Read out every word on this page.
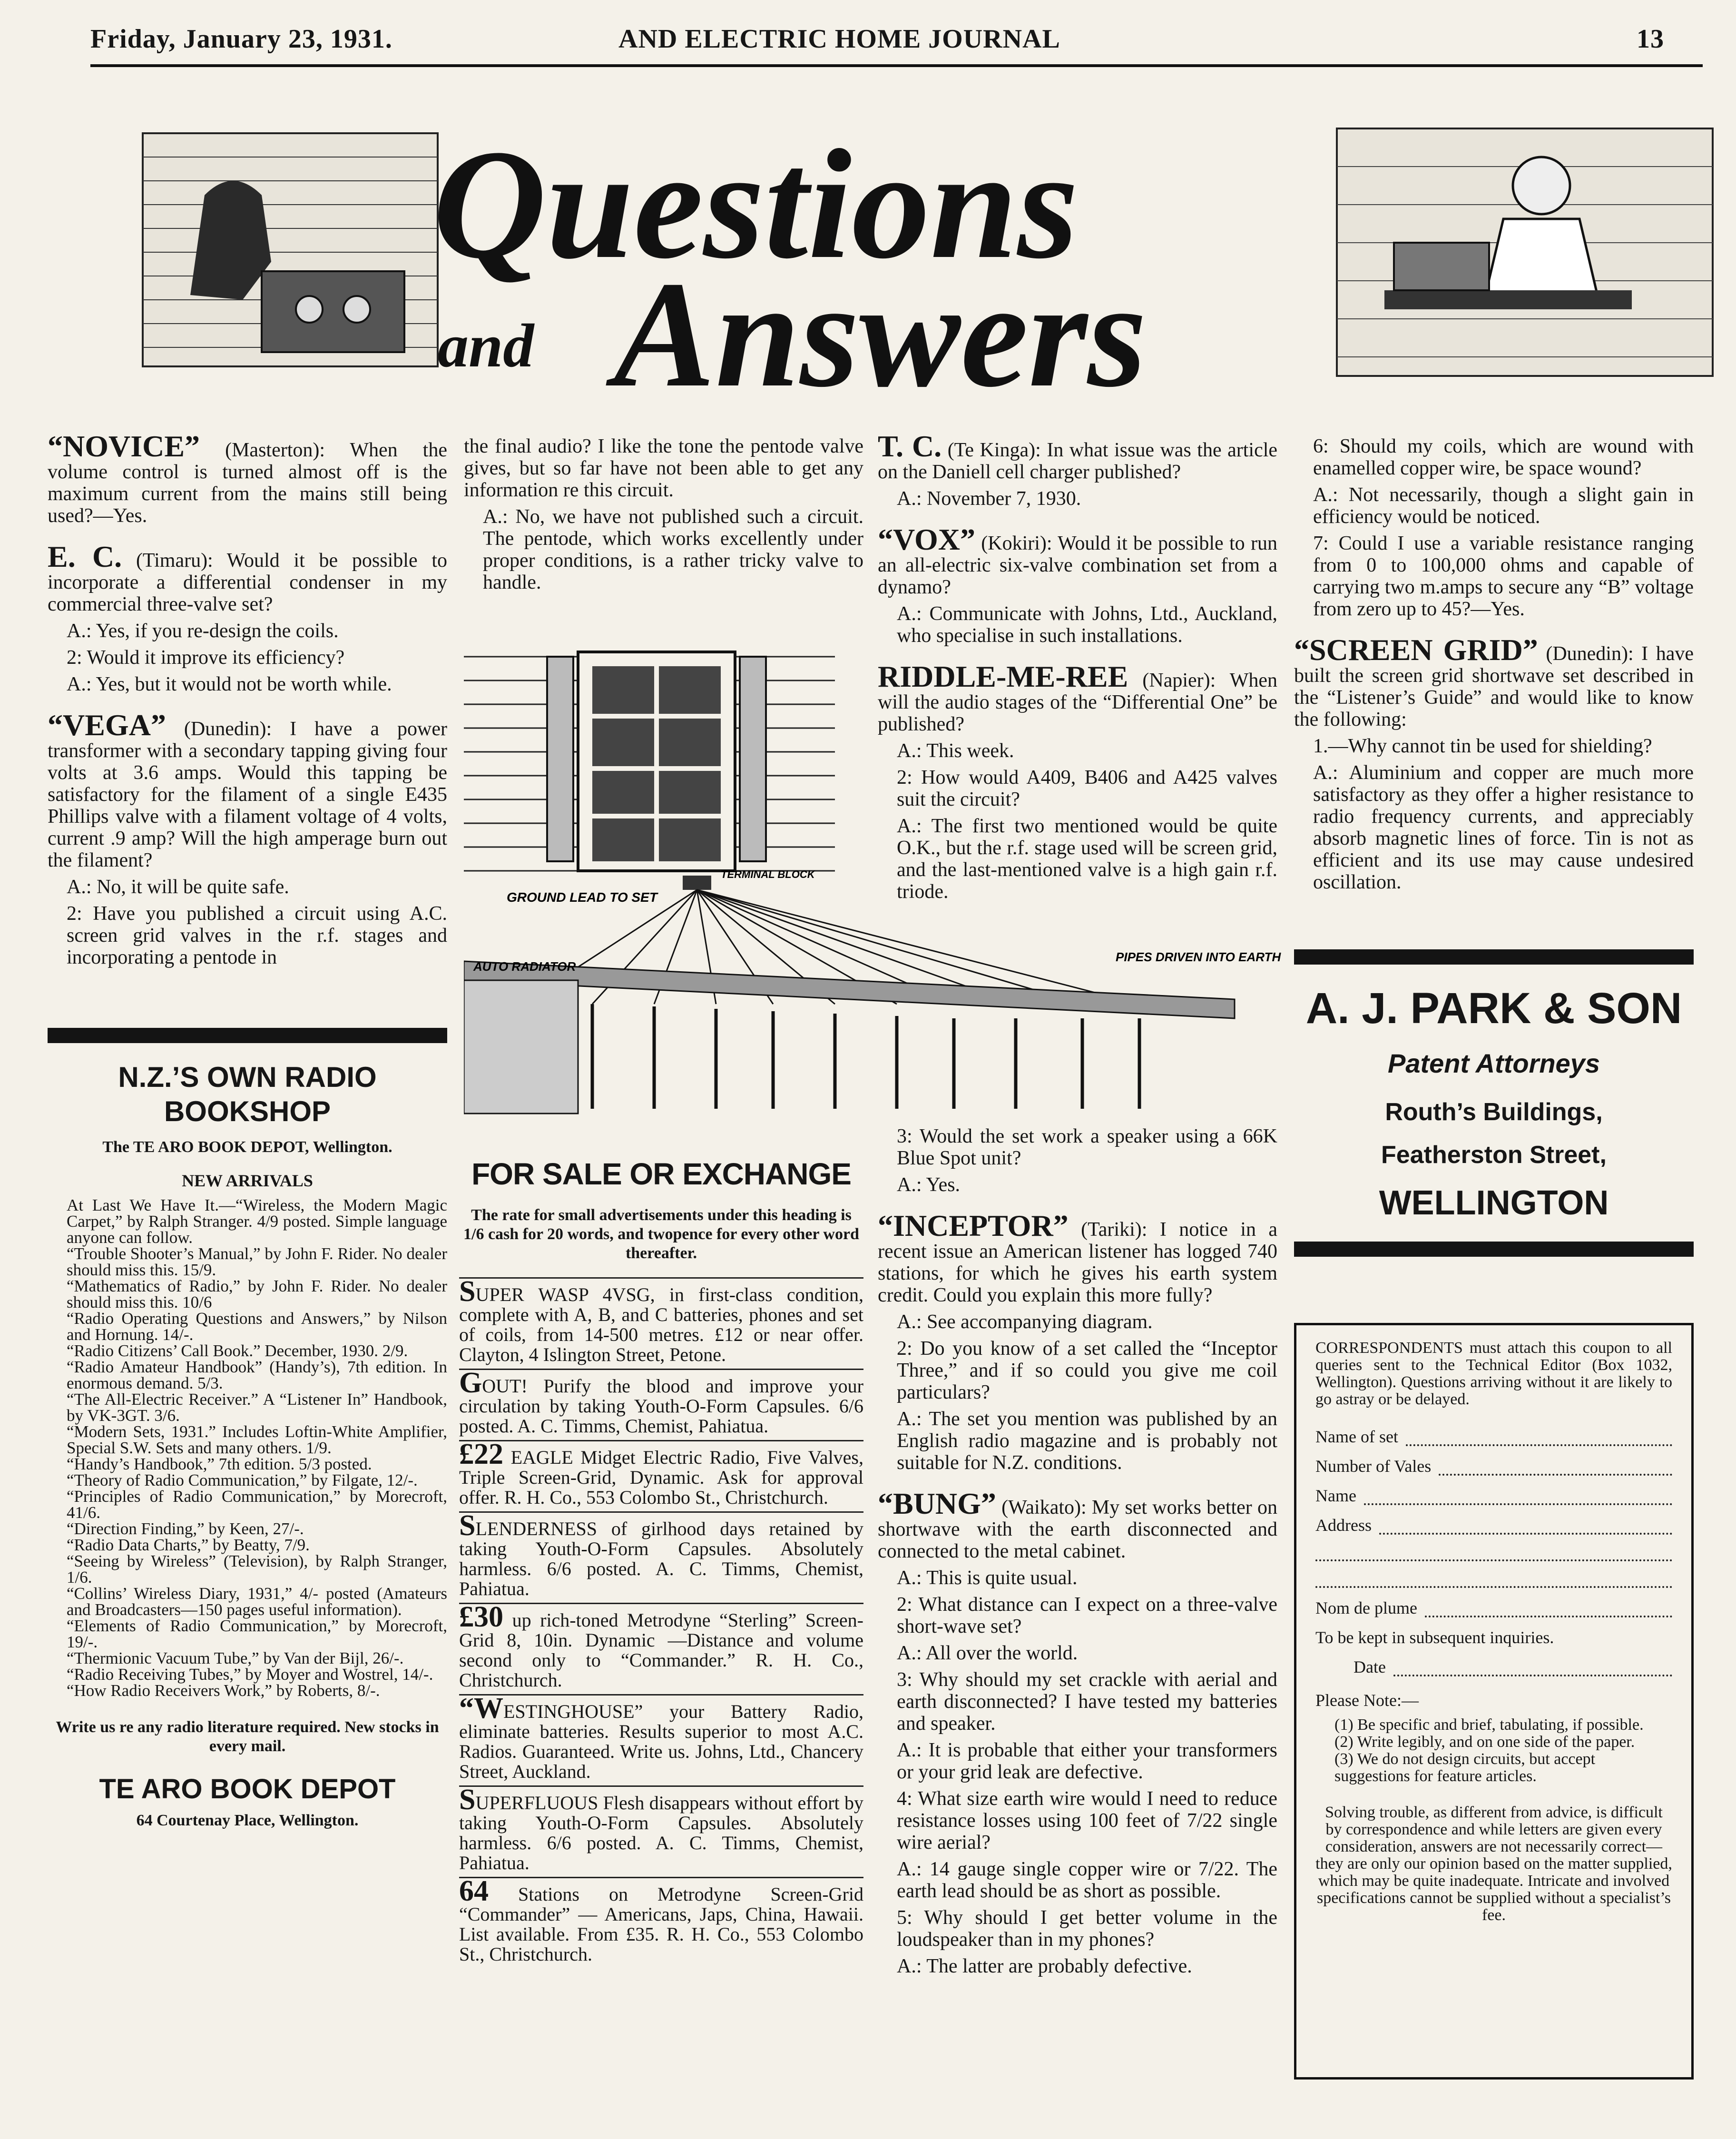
Friday, January 23, 1931.	AND ELECTRIC HOME JOURNAL	13
Questions
and Answers

“NOVICE” (Masterton): When the volume control is turned almost off is the maximum current from the mains still being used?—Yes.

E. C. (Timaru): Would it be possible to incorporate a differential condenser in my commercial three-valve set?

A.: Yes, if you re-design the coils.

2: Would it improve its efficiency?

A.: Yes, but it would not be worth while.

“VEGA” (Dunedin): I have a power transformer with a secondary tapping giving four volts at 3.6 amps. Would this tapping be satisfactory for the filament of a single E435 Phillips valve with a filament voltage of 4 volts, current .9 amp? Will the high amperage burn out the filament?

A.: No, it will be quite safe.

2: Have you published a circuit using A.C. screen grid valves in the r.f. stages and incorporating a pentode in

N.Z.’S OWN RADIO BOOKSHOP
The TE ARO BOOK DEPOT, Wellington.
NEW ARRIVALS

At Last We Have It.—“Wireless, the Modern Magic Carpet,” by Ralph Stranger. 4/9 posted. Simple language anyone can follow.

“Trouble Shooter’s Manual,” by John F. Rider. No dealer should miss this. 15/9.

“Mathematics of Radio,” by John F. Rider. No dealer should miss this. 10/6

“Radio Operating Questions and Answers,” by Nilson and Hornung. 14/-.

“Radio Citizens’ Call Book.” December, 1930. 2/9.

“Radio Amateur Handbook” (Handy’s), 7th edition. In enormous demand. 5/3.

“The All-Electric Receiver.” A “Listener In” Handbook, by VK-3GT. 3/6.

“Modern Sets, 1931.” Includes Loftin-White Amplifier, Special S.W. Sets and many others. 1/9.

“Handy’s Handbook,” 7th edition. 5/3 posted.

“Theory of Radio Communication,” by Filgate, 12/-.

“Principles of Radio Communication,” by Morecroft, 41/6.

“Direction Finding,” by Keen, 27/-.

“Radio Data Charts,” by Beatty, 7/9.

“Seeing by Wireless” (Television), by Ralph Stranger, 1/6.

“Collins’ Wireless Diary, 1931,” 4/- posted (Amateurs and Broadcasters—150 pages useful information).

“Elements of Radio Communication,” by Morecroft, 19/-.

“Thermionic Vacuum Tube,” by Van der Bijl, 26/-.

“Radio Receiving Tubes,” by Moyer and Wostrel, 14/-.

“How Radio Receivers Work,” by Roberts, 8/-.

Write us re any radio literature required. New stocks in every mail.
TE ARO BOOK DEPOT
64 Courtenay Place, Wellington.

the final audio? I like the tone the pentode valve gives, but so far have not been able to get any information re this circuit.

A.: No, we have not published such a circuit. The pentode, which works excellently under proper conditions, is a rather tricky valve to handle.

TERMINAL BLOCK
GROUND LEAD TO SET
AUTO RADIATOR
PIPES DRIVEN INTO EARTH
FOR SALE OR EXCHANGE
The rate for small advertisements under this heading is 1/6 cash for 20 words, and twopence for every other word thereafter.
SUPER WASP 4VSG, in first-class condition, complete with A, B, and C batteries, phones and set of coils, from 14-500 metres. £12 or near offer. Clayton, 4 Islington Street, Petone.
GOUT! Purify the blood and improve your circulation by taking Youth-O-Form Capsules. 6/6 posted. A. C. Timms, Chemist, Pahiatua.
£22 EAGLE Midget Electric Radio, Five Valves, Triple Screen-Grid, Dynamic. Ask for approval offer. R. H. Co., 553 Colombo St., Christchurch.
SLENDERNESS of girlhood days retained by taking Youth-O-Form Capsules. Absolutely harmless. 6/6 posted. A. C. Timms, Chemist, Pahiatua.
£30 up rich-toned Metrodyne “Sterling” Screen-Grid 8, 10in. Dynamic —Distance and volume second only to “Commander.” R. H. Co., Christchurch.
“WESTINGHOUSE” your Battery Radio, eliminate batteries. Results superior to most A.C. Radios. Guaranteed. Write us. Johns, Ltd., Chancery Street, Auckland.
SUPERFLUOUS Flesh disappears without effort by taking Youth-O-Form Capsules. Absolutely harmless. 6/6 posted. A. C. Timms, Chemist, Pahiatua.
64 Stations on Metrodyne Screen-Grid “Commander” — Americans, Japs, China, Hawaii. List available. From £35. R. H. Co., 553 Colombo St., Christchurch.

T. C. (Te Kinga): In what issue was the article on the Daniell cell charger published?

A.: November 7, 1930.

“VOX” (Kokiri): Would it be possible to run an all-electric six-valve combination set from a dynamo?

A.: Communicate with Johns, Ltd., Auckland, who specialise in such installations.

RIDDLE-ME-REE (Napier): When will the audio stages of the “Differential One” be published?

A.: This week.

2: How would A409, B406 and A425 valves suit the circuit?

A.: The first two mentioned would be quite O.K., but the r.f. stage used will be screen grid, and the last-mentioned valve is a high gain r.f. triode.

3: Would the set work a speaker using a 66K Blue Spot unit?

A.: Yes.

“INCEPTOR” (Tariki): I notice in a recent issue an American listener has logged 740 stations, for which he gives his earth system credit. Could you explain this more fully?

A.: See accompanying diagram.

2: Do you know of a set called the “Inceptor Three,” and if so could you give me coil particulars?

A.: The set you mention was published by an English radio magazine and is probably not suitable for N.Z. conditions.

“BUNG” (Waikato): My set works better on shortwave with the earth disconnected and connected to the metal cabinet.

A.: This is quite usual.

2: What distance can I expect on a three-valve short-wave set?

A.: All over the world.

3: Why should my set crackle with aerial and earth disconnected? I have tested my batteries and speaker.

A.: It is probable that either your transformers or your grid leak are defective.

4: What size earth wire would I need to reduce resistance losses using 100 feet of 7/22 single wire aerial?

A.: 14 gauge single copper wire or 7/22. The earth lead should be as short as possible.

5: Why should I get better volume in the loudspeaker than in my phones?

A.: The latter are probably defective.

6: Should my coils, which are wound with enamelled copper wire, be space wound?

A.: Not necessarily, though a slight gain in efficiency would be noticed.

7: Could I use a variable resistance ranging from 0 to 100,000 ohms and capable of carrying two m.amps to secure any “B” voltage from zero up to 45?—Yes.

“SCREEN GRID” (Dunedin): I have built the screen grid shortwave set described in the “Listener’s Guide” and would like to know the following:

1.—Why cannot tin be used for shielding?

A.: Aluminium and copper are much more satisfactory as they offer a higher resistance to radio frequency currents, and appreciably absorb magnetic lines of force. Tin is not as efficient and its use may cause undesired oscillation.

A. J. PARK & SON
Patent Attorneys
Routh’s Buildings,
Featherston Street,
WELLINGTON
CORRESPONDENTS must attach this coupon to all queries sent to the Technical Editor (Box 1032, Wellington). Questions arriving without it are likely to go astray or be delayed.
Name of set
Number of Vales
Name
Address
Nom de plume
To be kept in subsequent inquiries.
Date
Please Note:—
(1) Be specific and brief, tabulating, if possible.
(2) Write legibly, and on one side of the paper.
(3) We do not design circuits, but accept suggestions for feature articles.
Solving trouble, as different from advice, is difficult by correspondence and while letters are given every consideration, answers are not necessarily correct—they are only our opinion based on the matter supplied, which may be quite inadequate. Intricate and involved specifications cannot be supplied without a specialist’s fee.
